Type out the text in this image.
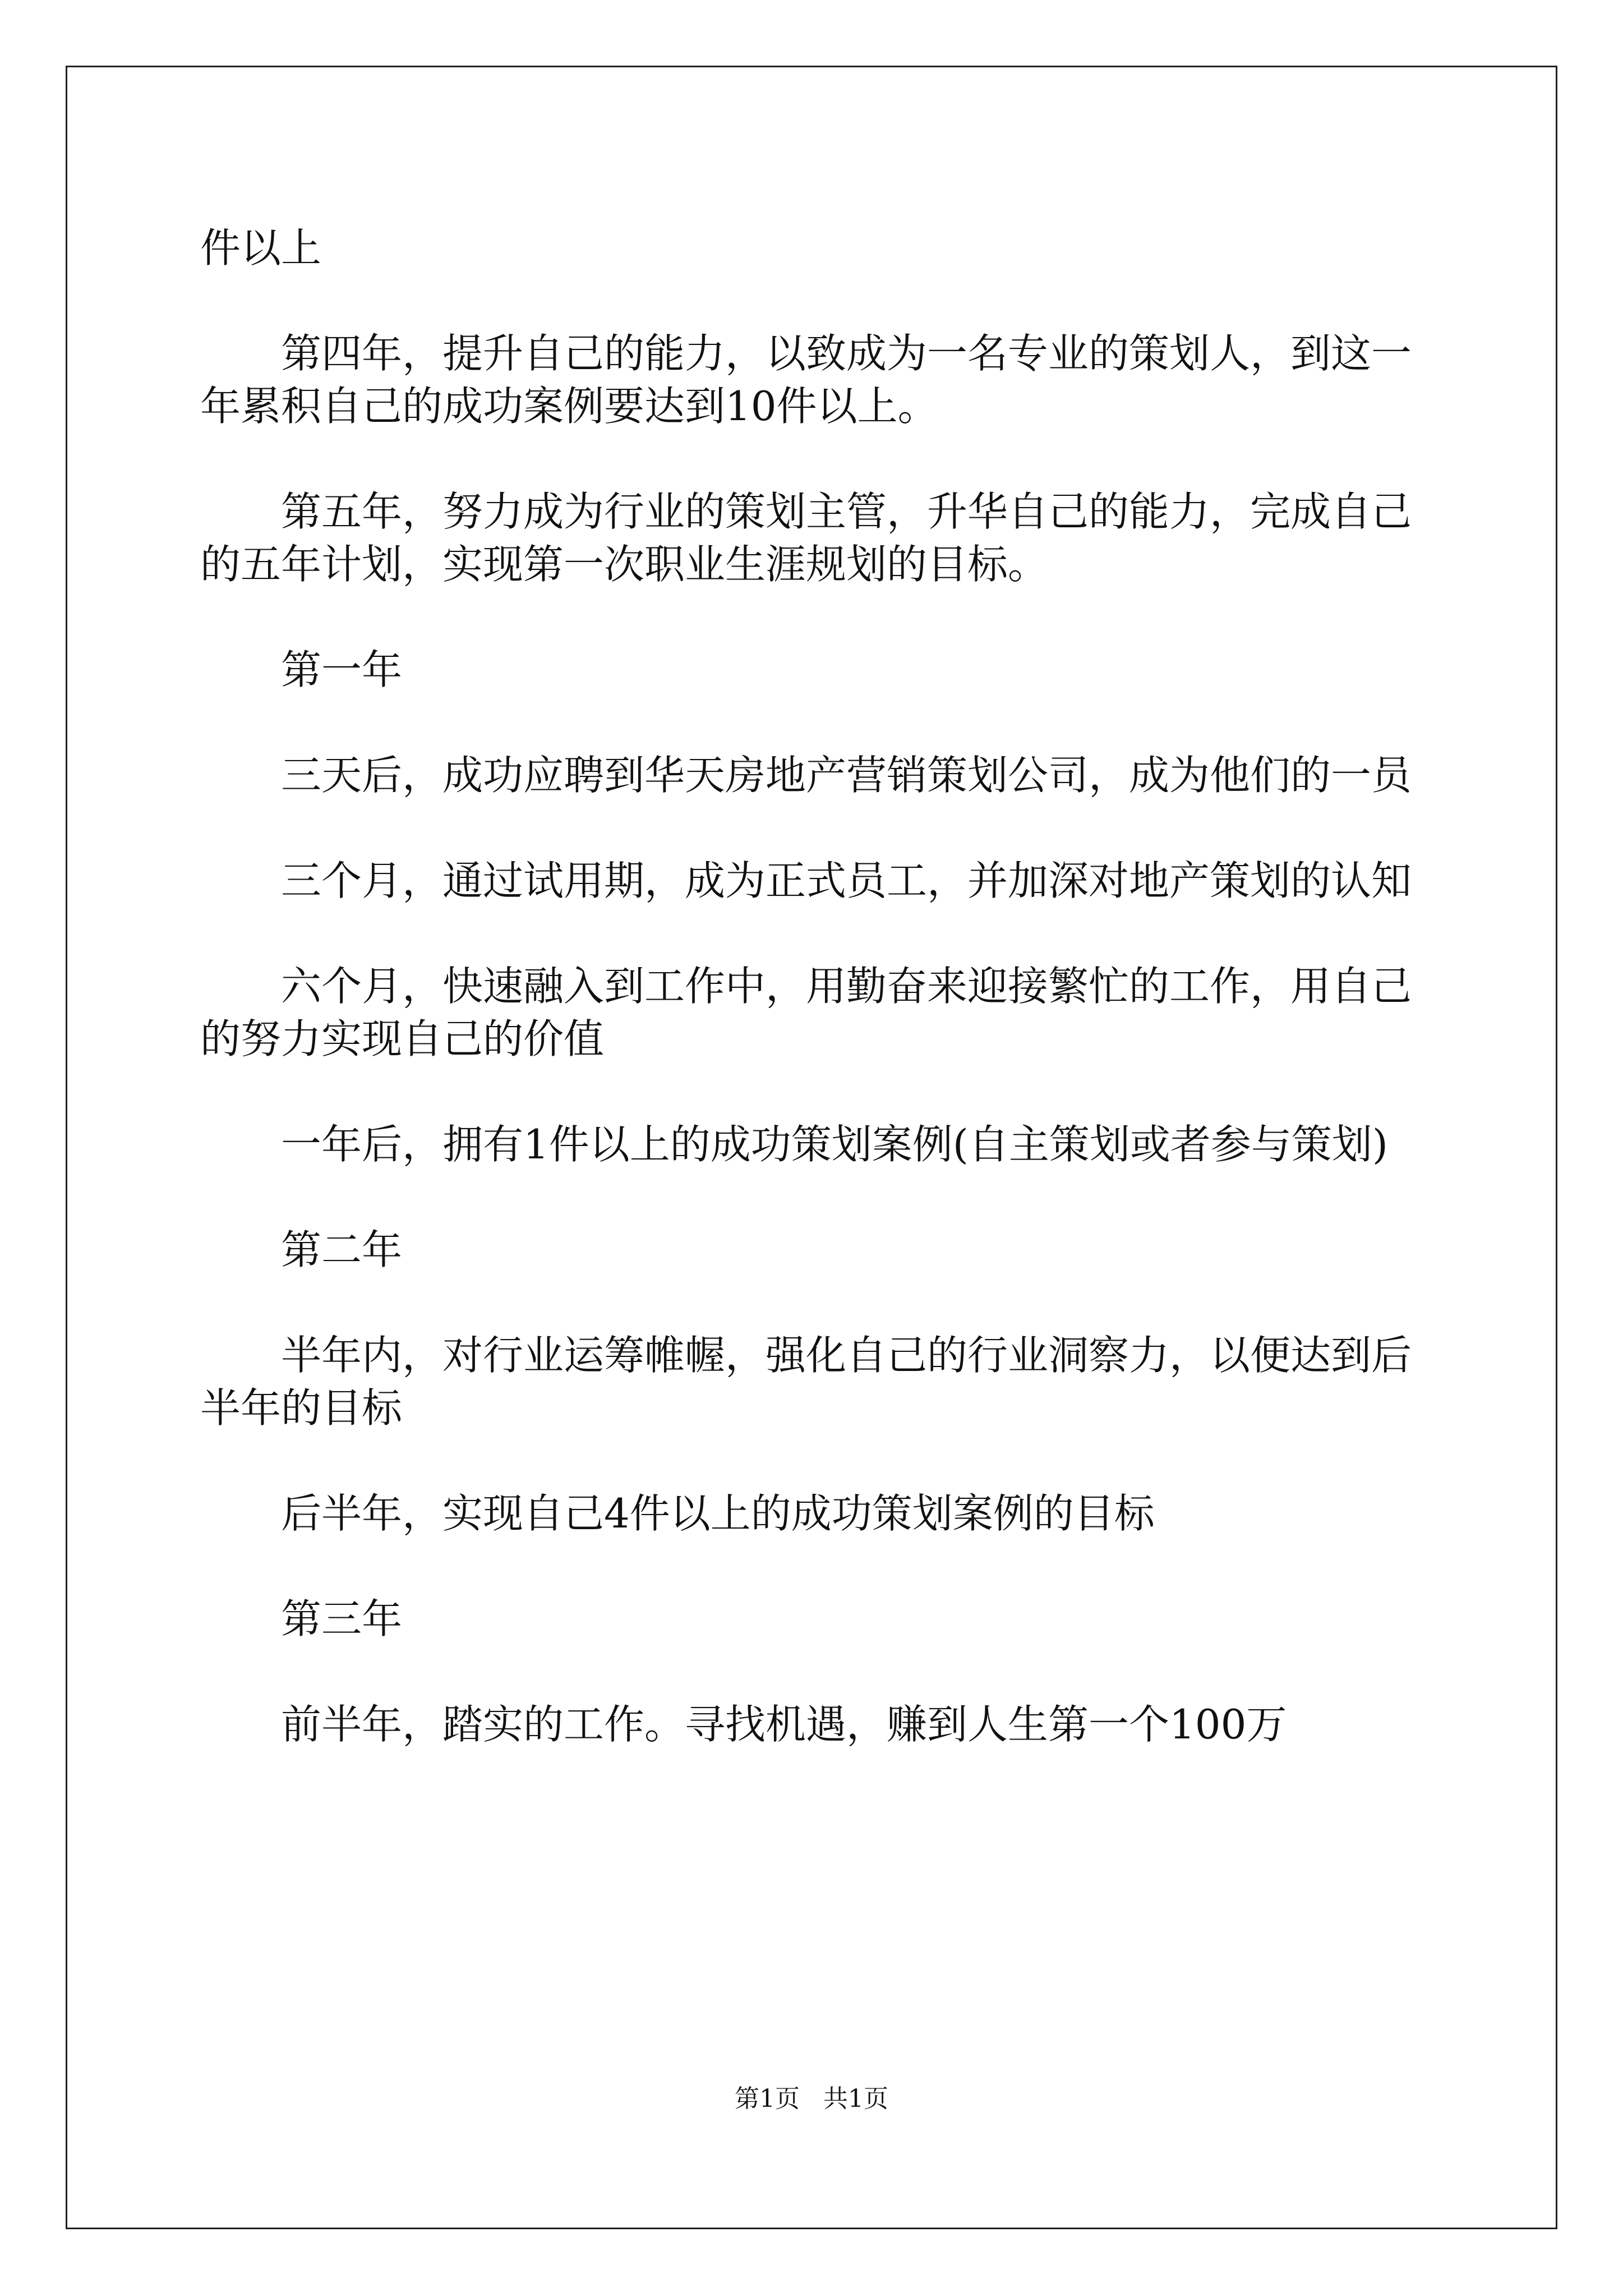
件以上

第四年，提升自己的能力，以致成为一名专业的策划人，到这一年累积自己的成功案例要达到10件以上。

第五年，努力成为行业的策划主管，升华自己的能力，完成自己的五年计划，实现第一次职业生涯规划的目标。

第一年

三天后，成功应聘到华天房地产营销策划公司，成为他们的一员

三个月，通过试用期，成为正式员工，并加深对地产策划的认知

六个月，快速融入到工作中，用勤奋来迎接繁忙的工作，用自己的努力实现自己的价值

一年后，拥有1件以上的成功策划案例(自主策划或者参与策划)

第二年

半年内，对行业运筹帷幄，强化自己的行业洞察力，以便达到后半年的目标

后半年，实现自己4件以上的成功策划案例的目标

第三年

前半年，踏实的工作。寻找机遇，赚到人生第一个100万

第1页 共1页
